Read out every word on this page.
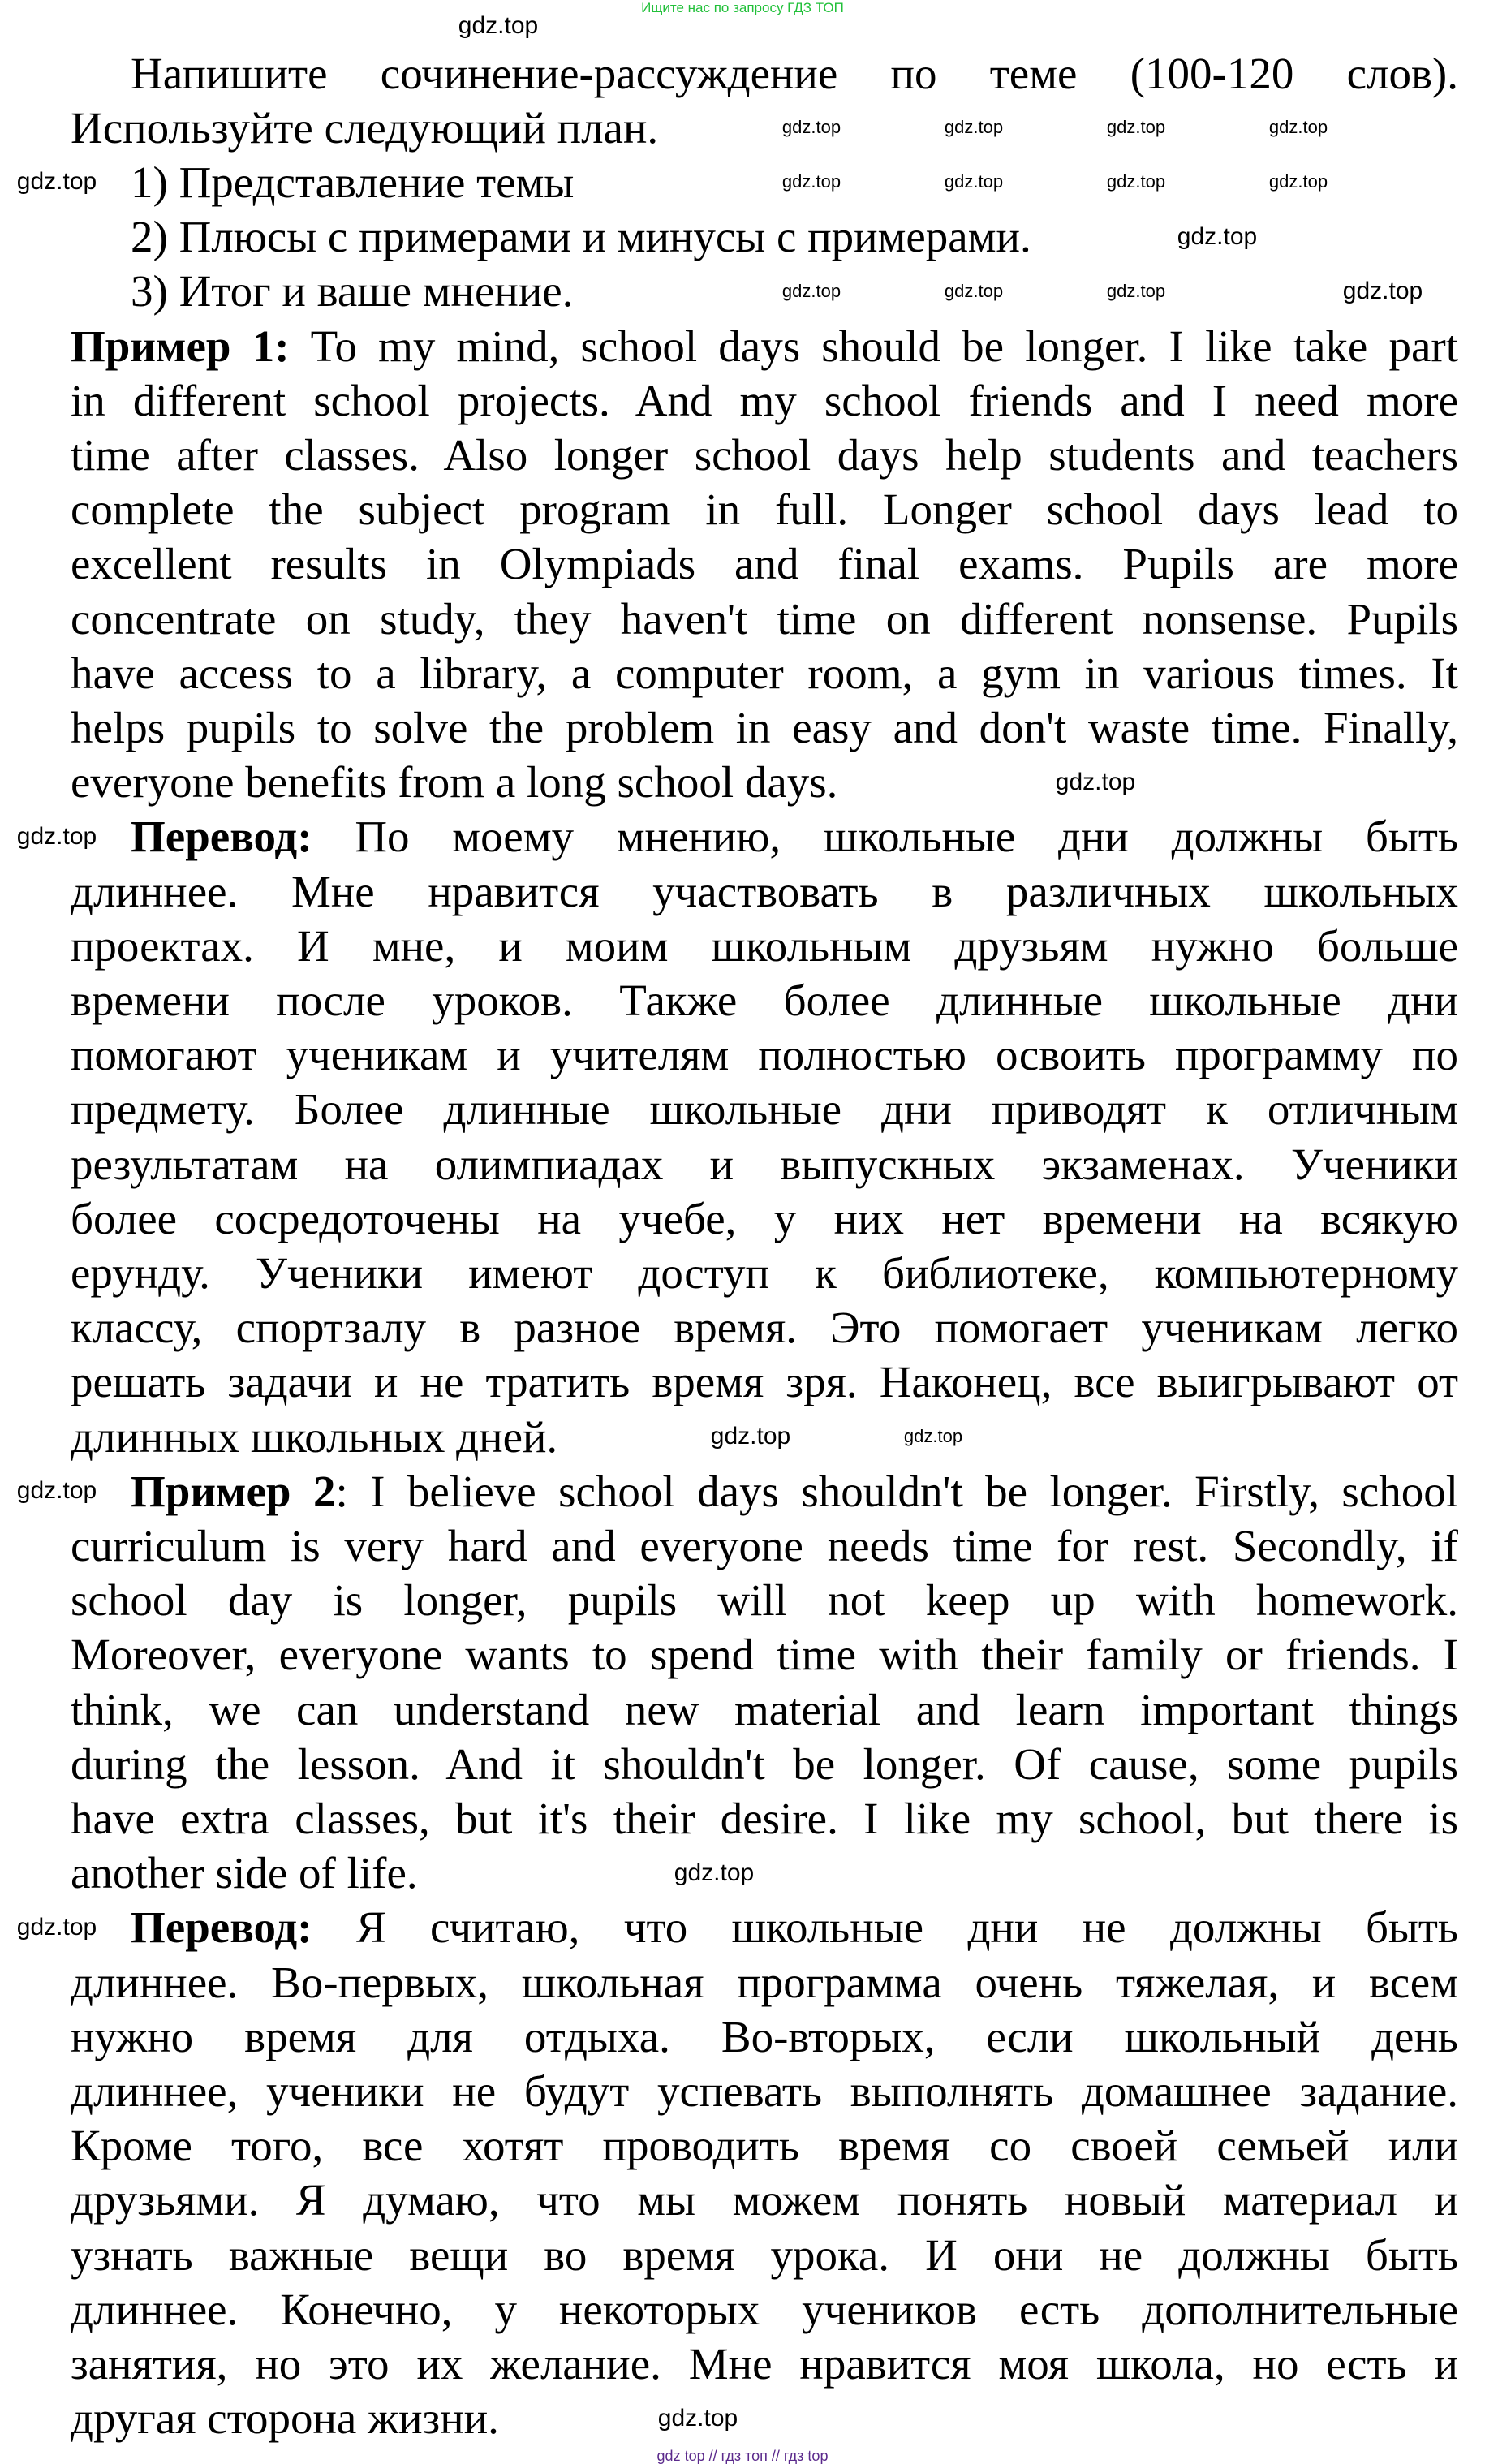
Ищите нас по запросу ГДЗ ТОП
Напишите сочинение-рассуждение по теме (100-120 слов).
Используйте следующий план.
1) Представление темы
2) Плюсы с примерами и минусы с примерами.
3) Итог и ваше мнение.
Пример 1: To my mind, school days should be longer. I like take part
in different school projects. And my school friends and I need more
time after classes. Also longer school days help students and teachers
complete the subject program in full. Longer school days lead to
excellent results in Olympiads and final exams. Pupils are more
concentrate on study, they haven't time on different nonsense. Pupils
have access to a library, a computer room, a gym in various times. It
helps pupils to solve the problem in easy and don't waste time. Finally,
everyone benefits from a long school days.
Перевод: По моему мнению, школьные дни должны быть
длиннее. Мне нравится участвовать в различных школьных
проектах. И мне, и моим школьным друзьям нужно больше
времени после уроков. Также более длинные школьные дни
помогают ученикам и учителям полностью освоить программу по
предмету. Более длинные школьные дни приводят к отличным
результатам на олимпиадах и выпускных экзаменах. Ученики
более сосредоточены на учебе, у них нет времени на всякую
ерунду. Ученики имеют доступ к библиотеке, компьютерному
классу, спортзалу в разное время. Это помогает ученикам легко
решать задачи и не тратить время зря. Наконец, все выигрывают от
длинных школьных дней.
Пример 2: I believe school days shouldn't be longer. Firstly, school
curriculum is very hard and everyone needs time for rest. Secondly, if
school day is longer, pupils will not keep up with homework.
Moreover, everyone wants to spend time with their family or friends. I
think, we can understand new material and learn important things
during the lesson. And it shouldn't be longer. Of cause, some pupils
have extra classes, but it's their desire. I like my school, but there is
another side of life.
Перевод: Я считаю, что школьные дни не должны быть
длиннее. Во-первых, школьная программа очень тяжелая, и всем
нужно время для отдыха. Во-вторых, если школьный день
длиннее, ученики не будут успевать выполнять домашнее задание.
Кроме того, все хотят проводить время со своей семьей или
друзьями. Я думаю, что мы можем понять новый материал и
узнать важные вещи во время урока. И они не должны быть
длиннее. Конечно, у некоторых учеников есть дополнительные
занятия, но это их желание. Мне нравится моя школа, но есть и
другая сторона жизни.
gdz.top
gdz.top
gdz.top
gdz.top
gdz.top
gdz.top
gdz.top
gdz.top
gdz.top
gdz.top
gdz.top
gdz.top	gdz.top	gdz.top	gdz.top
gdz.top	gdz.top	gdz.top	gdz.top
gdz.top	gdz.top	gdz.top
gdz.top
gdz top // гдз топ // гдз top
